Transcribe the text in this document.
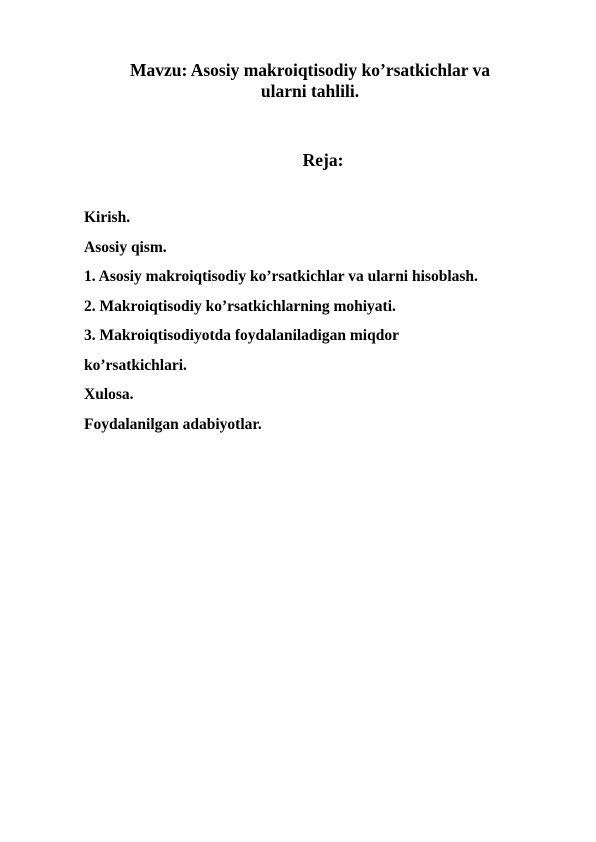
Mavzu: Asosiy makroiqtisodiy ko’rsatkichlar va
ularni tahlili.
Reja:
Kirish.
Asosiy qism.
1. Asosiy makroiqtisodiy ko’rsatkichlar va ularni hisoblash.
2. Makroiqtisodiy ko’rsatkichlarning mohiyati.
3. Makroiqtisodiyotda foydalaniladigan miqdor
ko’rsatkichlari.
Xulosa.
Foydalanilgan adabiyotlar.
